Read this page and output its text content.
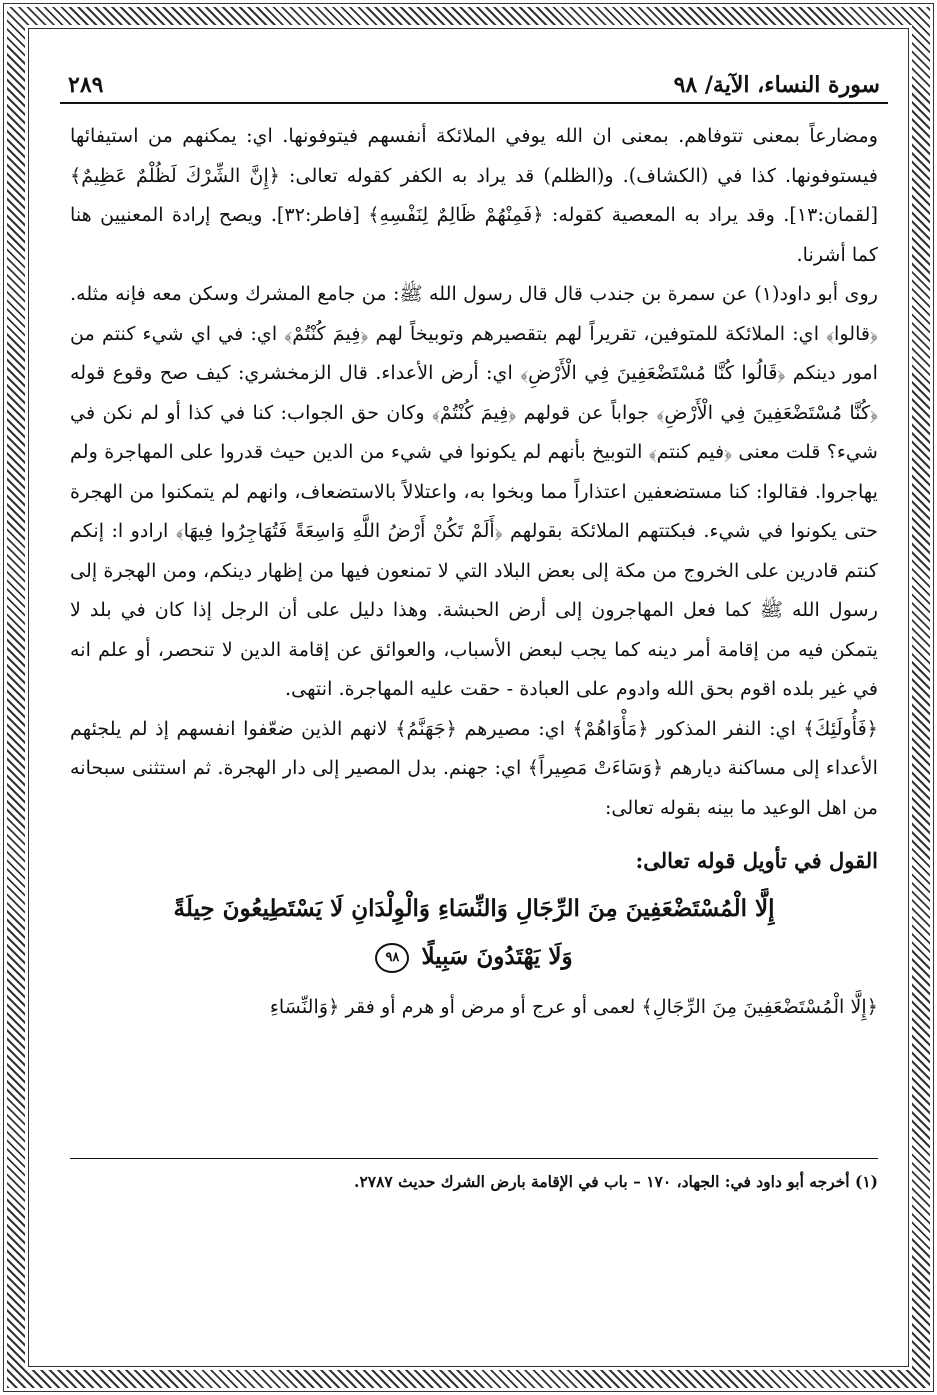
سورة النساء، الآية/ ٩٨
٢٨٩

ومضارعاً بمعنى تتوفاهم. بمعنى ان الله يوفي الملائكة أنفسهم فيتوفونها. اي: يمكنهم من استيفائها فيستوفونها. كذا في (الكشاف). و(الظلم) قد يراد به الكفر كقوله تعالى: ﴿إِنَّ الشِّرْكَ لَظُلْمٌ عَظِيمٌ﴾ [لقمان:١٣]. وقد يراد به المعصية كقوله: ﴿فَمِنْهُمْ ظَالِمٌ لِنَفْسِهِ﴾ [فاطر:٣٢]. ويصح إرادة المعنيين هنا كما أشرنا.

روى أبو داود(١) عن سمرة بن جندب قال قال رسول الله ﷺ: من جامع المشرك وسكن معه فإنه مثله. ﴿قالوا﴾ اي: الملائكة للمتوفين، تقريراً لهم بتقصيرهم وتوبيخاً لهم ﴿فِيمَ كُنْتُمْ﴾ اي: في اي شيء كنتم من امور دينكم ﴿قَالُوا كُنَّا مُسْتَضْعَفِينَ فِي الْأَرْضِ﴾ اي: أرض الأعداء. قال الزمخشري: كيف صح وقوع قوله ﴿كُنَّا مُسْتَضْعَفِينَ فِي الْأَرْضِ﴾ جواباً عن قولهم ﴿فِيمَ كُنْتُمْ﴾ وكان حق الجواب: كنا في كذا أو لم نكن في شيء؟ قلت معنى ﴿فيم كنتم﴾ التوبيخ بأنهم لم يكونوا في شيء من الدين حيث قدروا على المهاجرة ولم يهاجروا. فقالوا: كنا مستضعفين اعتذاراً مما وبخوا به، واعتلالاً بالاستضعاف، وانهم لم يتمكنوا من الهجرة حتى يكونوا في شيء. فبكتتهم الملائكة بقولهم ﴿أَلَمْ تَكُنْ أَرْضُ اللَّهِ وَاسِعَةً فَتُهَاجِرُوا فِيهَا﴾ ارادو ا: إنكم كنتم قادرين على الخروج من مكة إلى بعض البلاد التي لا تمنعون فيها من إظهار دينكم، ومن الهجرة إلى رسول الله ﷺ كما فعل المهاجرون إلى أرض الحبشة. وهذا دليل على أن الرجل إذا كان في بلد لا يتمكن فيه من إقامة أمر دينه كما يجب لبعض الأسباب، والعوائق عن إقامة الدين لا تنحصر، أو علم انه في غير بلده اقوم بحق الله وادوم على العبادة - حقت عليه المهاجرة. انتهى.

﴿فَأُولَئِكَ﴾ اي: النفر المذكور ﴿مَأْوَاهُمْ﴾ اي: مصيرهم ﴿جَهَنَّمُ﴾ لانهم الذين ضعّفوا انفسهم إذ لم يلجئهم الأعداء إلى مساكنة ديارهم ﴿وَسَاءَتْ مَصِيراً﴾ اي: جهنم. بدل المصير إلى دار الهجرة. ثم استثنى سبحانه من اهل الوعيد ما بينه بقوله تعالى:

القول في تأويل قوله تعالى:
إِلَّا الْمُسْتَضْعَفِينَ مِنَ الرِّجَالِ وَالنِّسَاءِ وَالْوِلْدَانِ لَا يَسْتَطِيعُونَ حِيلَةً
وَلَا يَهْتَدُونَ سَبِيلًا ٩٨

﴿إِلَّا الْمُسْتَضْعَفِينَ مِنَ الرِّجَالِ﴾ لعمى أو عرج أو مرض أو هرم أو فقر ﴿وَالنِّسَاءِ

(١) أخرجه أبو داود في: الجهاد، ١٧٠ – باب في الإقامة بارض الشرك حديث ٢٧٨٧.
